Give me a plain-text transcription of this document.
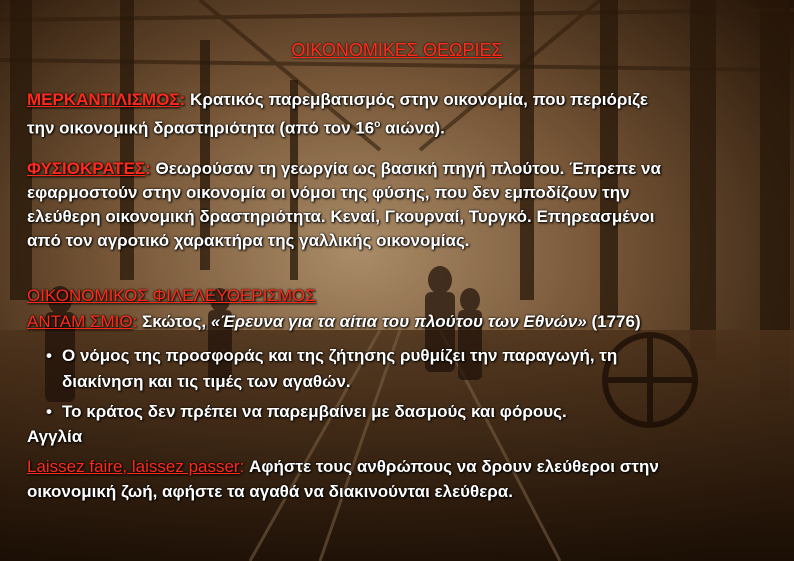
ΟΙΚΟΝΟΜΙΚΕΣ ΘΕΩΡΙΕΣ
ΜΕΡΚΑΝΤΙΛΙΣΜΟΣ: Κρατικός παρεμβατισμός στην οικονομία, που περιόριζε
την οικονομική δραστηριότητα (από τον $16^o$ αιώνα).
ΦΥΣΙΟΚΡΑΤΕΣ: Θεωρούσαν τη γεωργία ως βασική πηγή πλούτου. Έπρεπε να
εφαρμοστούν στην οικονομία οι νόμοι της φύσης, που δεν εμποδίζουν την
ελεύθερη οικονομική δραστηριότητα. Κεναί, Γκουρναί, Τυργκό. Επηρεασμένοι
από τον αγροτικό χαρακτήρα της γαλλικής οικονομίας.
ΟΙΚΟΝΟΜΙΚΟΣ ΦΙΛΕΛΕΥΘΕΡΙΣΜΟΣ
ΑΝΤΑΜ ΣΜΙΘ: Σκώτος, «Έρευνα για τα αίτια του πλούτου των Εθνών» (1776)
• Ο νόμος της προσφοράς και της ζήτησης ρυθμίζει την παραγωγή, τη
διακίνηση και τις τιμές των αγαθών.
• Το κράτος δεν πρέπει να παρεμβαίνει με δασμούς και φόρους.
Αγγλία
Laissez faire, laissez passer: Αφήστε τους ανθρώπους να δρουν ελεύθεροι στην
οικονομική ζωή, αφήστε τα αγαθά να διακινούνται ελεύθερα.
